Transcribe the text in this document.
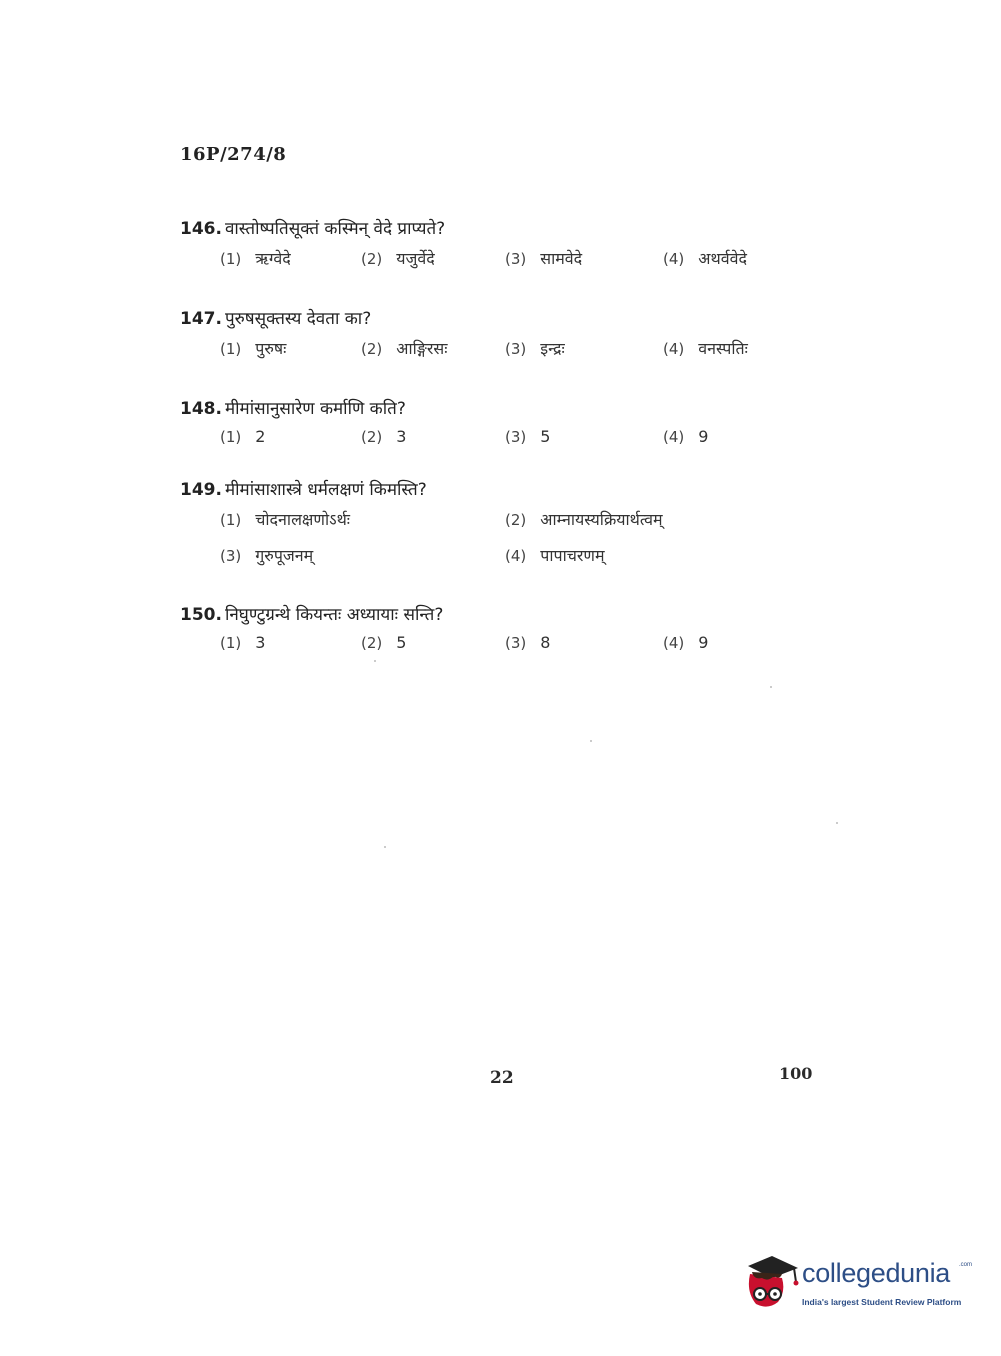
16P/274/8
146. वास्तोष्पतिसूक्तं कस्मिन् वेदे प्राप्यते?
(1) ऋग्वेदे	(2) यजुर्वेदे	(3) सामवेदे	(4) अथर्ववेदे
147. पुरुषसूक्तस्य देवता का?
(1) पुरुषः	(2) आङ्गिरसः	(3) इन्द्रः	(4) वनस्पतिः
148. मीमांसानुसारेण कर्माणि कति?
(1) 2	(2) 3	(3) 5	(4) 9
149. मीमांसाशास्त्रे धर्मलक्षणं किमस्ति?
(1) चोदनालक्षणोऽर्थः	(2) आम्नायस्यक्रियार्थत्वम्
(3) गुरुपूजनम्	(4) पापाचरणम्
150. निघुण्टुग्रन्थे कियन्तः अध्यायाः सन्ति?
(1) 3	(2) 5	(3) 8	(4) 9
22	100
collegedunia .com
India's largest Student Review Platform
